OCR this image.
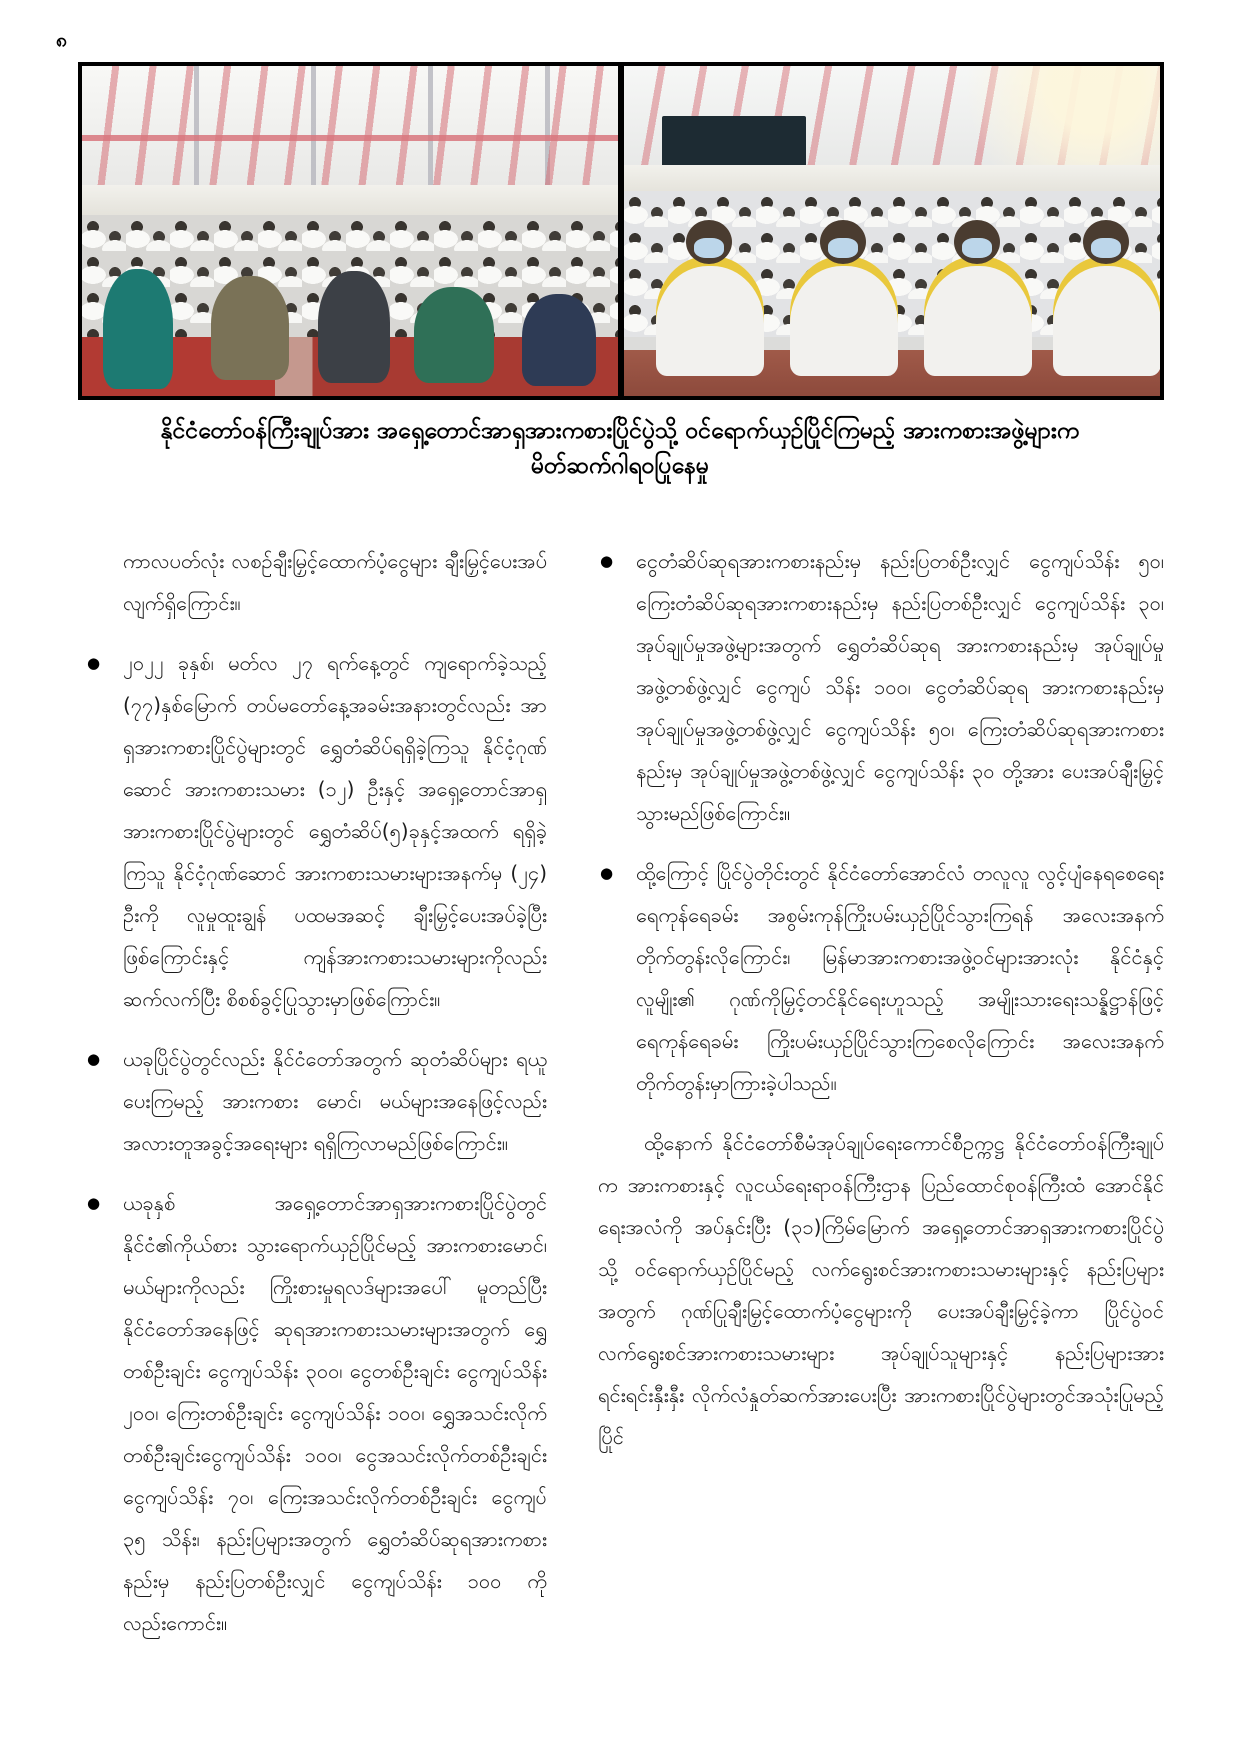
၈
နိုင်ငံတော်ဝန်ကြီးချုပ်အား အရှေ့တောင်အာရှအားကစားပြိုင်ပွဲသို့ ဝင်ရောက်ယှဉ်ပြိုင်ကြမည့် အားကစားအဖွဲ့များက
မိတ်ဆက်ဂါရဝပြုနေမှု
ကာလပတ်လုံး လစဉ်ချီးမြှင့်ထောက်ပံ့ငွေများ ချီးမြှင့်ပေးအပ်လျက်ရှိကြောင်း။
● ၂၀၂၂ ခုနှစ်၊ မတ်လ ၂၇ ရက်နေ့တွင် ကျရောက်ခဲ့သည့် (၇၇)နှစ်မြောက် တပ်မတော်နေ့အခမ်းအနားတွင်လည်း အာရှအားကစားပြိုင်ပွဲများတွင် ရွှေတံဆိပ်ရရှိခဲ့ကြသူ နိုင်ငံ့ဂုဏ်ဆောင် အားကစားသမား (၁၂) ဦးနှင့် အရှေ့တောင်အာရှအားကစားပြိုင်ပွဲများတွင် ရွှေတံဆိပ်(၅)ခုနှင့်အထက် ရရှိခဲ့ကြသူ နိုင်ငံ့ဂုဏ်ဆောင် အားကစားသမားများအနက်မှ (၂၄) ဦးကို လူမှုထူးချွန် ပထမအဆင့် ချီးမြှင့်ပေးအပ်ခဲ့ပြီး ဖြစ်ကြောင်းနှင့် ကျန်အားကစားသမားများကိုလည်း ဆက်လက်ပြီး စိစစ်ခွင့်ပြုသွားမှာဖြစ်ကြောင်း။
● ယခုပြိုင်ပွဲတွင်လည်း နိုင်ငံတော်အတွက် ဆုတံဆိပ်များ ရယူပေးကြမည့် အားကစား မောင်၊ မယ်များအနေဖြင့်လည်း အလားတူအခွင့်အရေးများ ရရှိကြလာမည်ဖြစ်ကြောင်း။
● ယခုနှစ် အရှေ့တောင်အာရှအားကစားပြိုင်ပွဲတွင် နိုင်ငံ၏ကိုယ်စား သွားရောက်ယှဉ်ပြိုင်မည့် အားကစားမောင်၊ မယ်များကိုလည်း ကြိုးစားမှုရလဒ်များအပေါ် မူတည်ပြီး နိုင်ငံတော်အနေဖြင့် ဆုရအားကစားသမားများအတွက် ရွှေတစ်ဦးချင်း ငွေကျပ်သိန်း ၃၀၀၊ ငွေတစ်ဦးချင်း ငွေကျပ်သိန်း ၂၀၀၊ ကြေးတစ်ဦးချင်း ငွေကျပ်သိန်း ၁၀၀၊ ရွှေအသင်းလိုက်တစ်ဦးချင်းငွေကျပ်သိန်း ၁၀၀၊ ငွေအသင်းလိုက်တစ်ဦးချင်း ငွေကျပ်သိန်း ၇၀၊ ကြေးအသင်းလိုက်တစ်ဦးချင်း ငွေကျပ် ၃၅ သိန်း၊ နည်းပြများအတွက် ရွှေတံဆိပ်ဆုရအားကစားနည်းမှ နည်းပြတစ်ဦးလျှင် ငွေကျပ်သိန်း ၁၀၀ ကိုလည်းကောင်း။
● ငွေတံဆိပ်ဆုရအားကစားနည်းမှ နည်းပြတစ်ဦးလျှင် ငွေကျပ်သိန်း ၅၀၊ ကြေးတံဆိပ်ဆုရအားကစားနည်းမှ နည်းပြတစ်ဦးလျှင် ငွေကျပ်သိန်း ၃၀၊ အုပ်ချုပ်မှုအဖွဲ့များအတွက် ရွှေတံဆိပ်ဆုရ အားကစားနည်းမှ အုပ်ချုပ်မှုအဖွဲ့တစ်ဖွဲ့လျှင် ငွေကျပ် သိန်း ၁၀၀၊ ငွေတံဆိပ်ဆုရ အားကစားနည်းမှ အုပ်ချုပ်မှုအဖွဲ့တစ်ဖွဲ့လျှင် ငွေကျပ်သိန်း ၅၀၊ ကြေးတံဆိပ်ဆုရအားကစားနည်းမှ အုပ်ချုပ်မှုအဖွဲ့တစ်ဖွဲ့လျှင် ငွေကျပ်သိန်း ၃၀ တို့အား ပေးအပ်ချီးမြှင့်သွားမည်ဖြစ်ကြောင်း။
● ထို့ကြောင့် ပြိုင်ပွဲတိုင်းတွင် နိုင်ငံတော်အောင်လံ တလူလူ လွင့်ပျံနေရစေရေး ရေကုန်ရေခမ်း အစွမ်းကုန်ကြိုးပမ်းယှဉ်ပြိုင်သွားကြရန် အလေးအနက်တိုက်တွန်းလိုကြောင်း၊ မြန်မာအားကစားအဖွဲ့ဝင်များအားလုံး နိုင်ငံနှင့် လူမျိုး၏ ဂုဏ်ကိုမြှင့်တင်နိုင်ရေးဟူသည့် အမျိုးသားရေးသန္နိဋ္ဌာန်ဖြင့် ရေကုန်ရေခမ်း ကြိုးပမ်းယှဉ်ပြိုင်သွားကြစေလိုကြောင်း အလေးအနက် တိုက်တွန်းမှာကြားခဲ့ပါသည်။
ထို့နောက် နိုင်ငံတော်စီမံအုပ်ချုပ်ရေးကောင်စီဥက္ကဋ္ဌ နိုင်ငံတော်ဝန်ကြီးချုပ်က အားကစားနှင့် လူငယ်ရေးရာဝန်ကြီးဌာန ပြည်ထောင်စုဝန်ကြီးထံ အောင်နိုင်ရေးအလံကို အပ်နှင်းပြီး (၃၁)ကြိမ်မြောက် အရှေ့တောင်အာရှအားကစားပြိုင်ပွဲသို့ ဝင်ရောက်ယှဉ်ပြိုင်မည့် လက်ရွေးစင်အားကစားသမားများနှင့် နည်းပြများအတွက် ဂုဏ်ပြုချီးမြှင့်ထောက်ပံ့ငွေများကို ပေးအပ်ချီးမြှင့်ခဲ့ကာ ပြိုင်ပွဲဝင်လက်ရွေးစင်အားကစားသမားများ အုပ်ချုပ်သူများနှင့် နည်းပြများအား ရင်းရင်းနှီးနှီး လိုက်လံနှုတ်ဆက်အားပေးပြီး အားကစားပြိုင်ပွဲများတွင်အသုံးပြုမည့် ပြိုင်
